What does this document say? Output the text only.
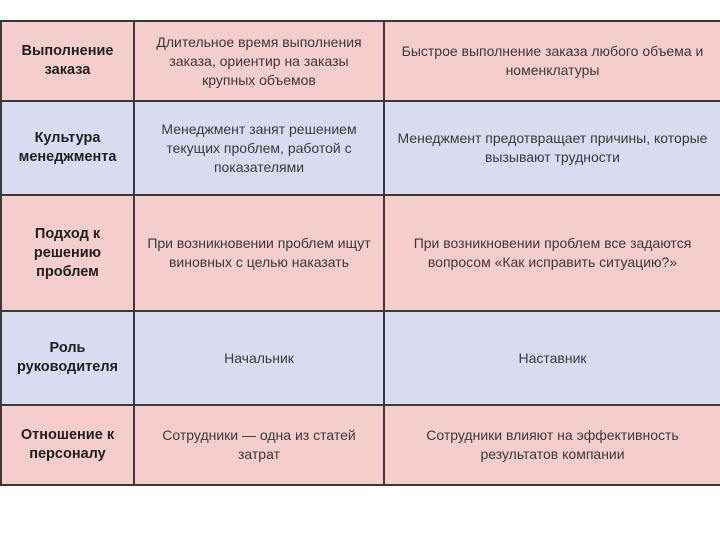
Выполнение заказа	Длительное время выполнения заказа, ориентир на заказы крупных объемов	Быстрое выполнение заказа любого объема и номенклатуры
Культура менеджмента	Менеджмент занят решением текущих проблем, работой с показателями	Менеджмент предотвращает причины, которые вызывают трудности
Подход к решению проблем	При возникновении проблем ищут виновных с целью наказать	При возникновении проблем все задаются вопросом «Как исправить ситуацию?»
Роль руководителя	Начальник	Наставник
Отношение к персоналу	Сотрудники — одна из статей затрат	Сотрудники влияют на эффективность результатов компании
